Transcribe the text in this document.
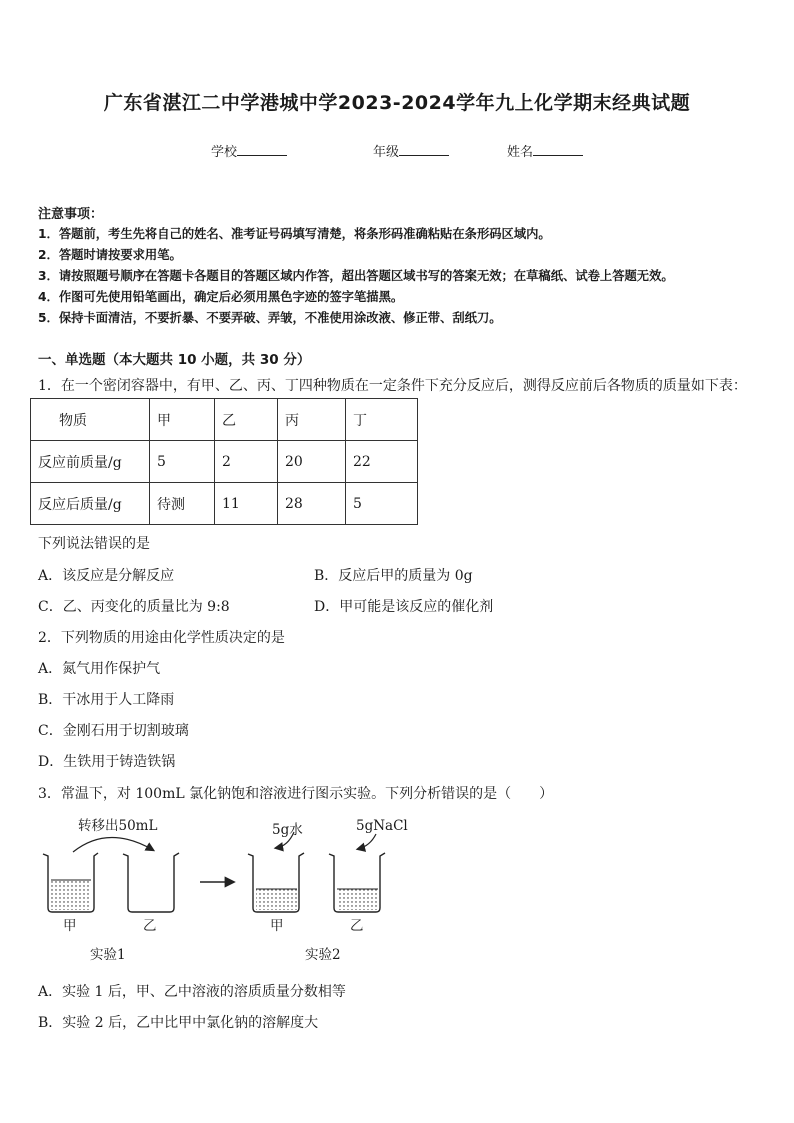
广东省湛江二中学港城中学2023-2024学年九上化学期末经典试题
学校	年级	姓名
注意事项：
1．答题前，考生先将自己的姓名、准考证号码填写清楚，将条形码准确粘贴在条形码区域内。
2．答题时请按要求用笔。
3．请按照题号顺序在答题卡各题目的答题区域内作答，超出答题区域书写的答案无效；在草稿纸、试卷上答题无效。
4．作图可先使用铅笔画出，确定后必须用黑色字迹的签字笔描黑。
5．保持卡面清洁，不要折暴、不要弄破、弄皱，不准使用涂改液、修正带、刮纸刀。
一、单选题（本大题共 10 小题，共 30 分）
1．在一个密闭容器中，有甲、乙、丙、丁四种物质在一定条件下充分反应后，测得反应前后各物质的质量如下表：
物质	甲	乙	丙	丁
反应前质量/g	5	2	20	22
反应后质量/g	待测	11	28	5
下列说法错误的是
A．该反应是分解反应	B．反应后甲的质量为 0g
C．乙、丙变化的质量比为 9:8	D．甲可能是该反应的催化剂
2．下列物质的用途由化学性质决定的是
A．氮气用作保护气
B．干冰用于人工降雨
C．金刚石用于切割玻璃
D．生铁用于铸造铁锅
3．常温下，对 100mL 氯化钠饱和溶液进行图示实验。下列分析错误的是（　　）
转移出50mL	5g水	5gNaCl
甲	乙	甲	乙
实验1	实验2
A．实验 1 后，甲、乙中溶液的溶质质量分数相等
B．实验 2 后，乙中比甲中氯化钠的溶解度大
